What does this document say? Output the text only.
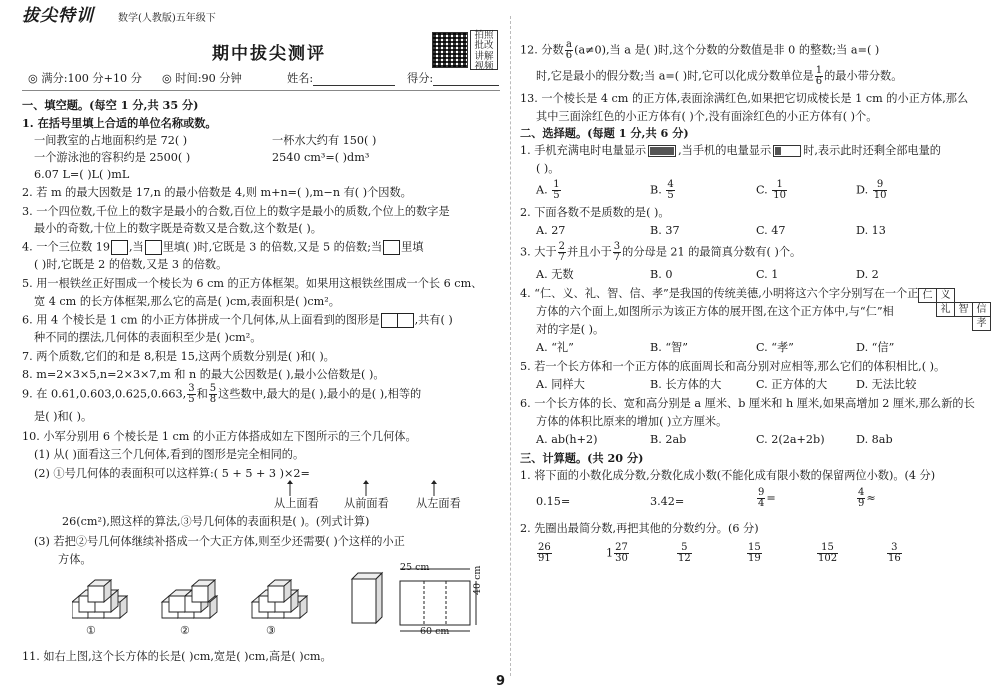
拔尖特训 数学(人教版)五年级下
期中拔尖测评
拍照批改 讲解视频
◎ 满分:100 分+10 分 ◎ 时间:90 分钟	姓名:	得分:
一、填空题。(每空 1 分,共 35 分)
1. 在括号里填上合适的单位名称或数。
一间教室的占地面积约是 72( )	一杯水大约有 150( )
一个游泳池的容积约是 2500( )	2540 cm³=( )dm³
6.07 L=( )L( )mL
2. 若 m 的最大因数是 17,n 的最小倍数是 4,则 m+n=( ),m−n 有( )个因数。
3. 一个四位数,千位上的数字是最小的合数,百位上的数字是最小的质数,个位上的数字是
最小的奇数,十位上的数字既是奇数又是合数,这个数是( )。
4. 一个三位数 19 ,当 里填( )时,它既是 3 的倍数,又是 5 的倍数;当 里填
( )时,它既是 2 的倍数,又是 3 的倍数。
5. 用一根铁丝正好围成一个棱长为 6 cm 的正方体框架。如果用这根铁丝围成一个长 6 cm、
宽 4 cm 的长方体框架,那么它的高是( )cm,表面积是( )cm²。
6. 用 4 个棱长是 1 cm 的小正方体拼成一个几何体,从上面看到的图形是	,共有( )
种不同的摆法,几何体的表面积至少是( )cm²。
7. 两个质数,它们的和是 8,积是 15,这两个质数分别是( )和( )。
8. m=2×3×5,n=2×3×7,m 和 n 的最大公因数是( ),最小公倍数是( )。
9. 在 0.61,0.603,0.625,0.663, $\frac{3}{5}$ 和 $\frac{5}{8}$ 这些数中,最大的是( ),最小的是( ),相等的
是( )和( )。
10. 小军分别用 6 个棱长是 1 cm 的小正方体搭成如左下图所示的三个几何体。
(1) 从( )面看这三个几何体,看到的图形是完全相同的。
(2) ①号几何体的表面积可以这样算:( 5 + 5 + 3 )×2=
从上面看 从前面看 从左面看
26(cm²),照这样的算法,③号几何体的表面积是( )。(列式计算)
(3) 若把②号几何体继续补搭成一个大正方体,则至少还需要( )个这样的小正
方体。
①	②	③
25 cm	40 cm
60 cm
11. 如右上图,这个长方体的长是( )cm,宽是( )cm,高是( )cm。
12. 分数 $\frac{a}{6} (a\ne 0)$,当 a 是( )时,这个分数的分数值是非 0 的整数;当 a=( )
时,它是最小的假分数;当 a=( )时,它可以化成分数单位是 $\frac{1}{6}$ 的最小带分数。
13. 一个棱长是 4 cm 的正方体,表面涂满红色,如果把它切成棱长是 1 cm 的小正方体,那么
其中三面涂红色的小正方体有( )个,没有面涂红色的小正方体有( )个。
二、选择题。(每题 1 分,共 6 分)
1. 手机充满电时电量显示	,当手机的电量显示	时,表示此时还剩全部电量的
( )。
A. $\frac{1}{5}$	B. $\frac{4}{5}$	C. $\frac{1}{10}$	D. $\frac{9}{10}$
2. 下面各数不是质数的是( )。
A. 27	B. 37	C. 47	D. 13
3. 大于 $\frac{2}{7}$ 并且小于 $\frac{3}{7}$ 的分母是 21 的最简真分数有( )个。
A. 无数	B. 0	C. 1	D. 2
4. “仁、义、礼、智、信、孝”是我国的传统美德,小明将这六个字分别写在一个正
方体的六个面上,如图所示为该正方体的展开图,在这个正方体中,与“仁”相
对的字是( )。
仁 义
礼 智 信
孝
A. “礼”	B. “智”	C. “孝”	D. “信”
5. 若一个长方体和一个正方体的底面周长和高分别对应相等,那么它们的体积相比,( )。
A. 同样大	B. 长方体的大	C. 正方体的大	D. 无法比较
6. 一个长方体的长、宽和高分别是 a 厘米、b 厘米和 h 厘米,如果高增加 2 厘米,那么新的长
方体的体积比原来的增加( )立方厘米。
A. ab(h+2)	B. 2ab	C. 2(2a+2b)	D. 8ab
三、计算题。(共 20 分)
1. 将下面的小数化成分数,分数化成小数(不能化成有限小数的保留两位小数)。(4 分)
0.15=	3.42=	$\frac{9}{4}$ =	$\frac{4}{9}$ ≈
2. 先圈出最简分数,再把其他的分数约分。(6 分)
$\frac{26}{91}$	$1 \frac{27}{30}$	$\frac{5}{12}$	$\frac{15}{19}$	$\frac{15}{102}$	$\frac{3}{16}$
9
